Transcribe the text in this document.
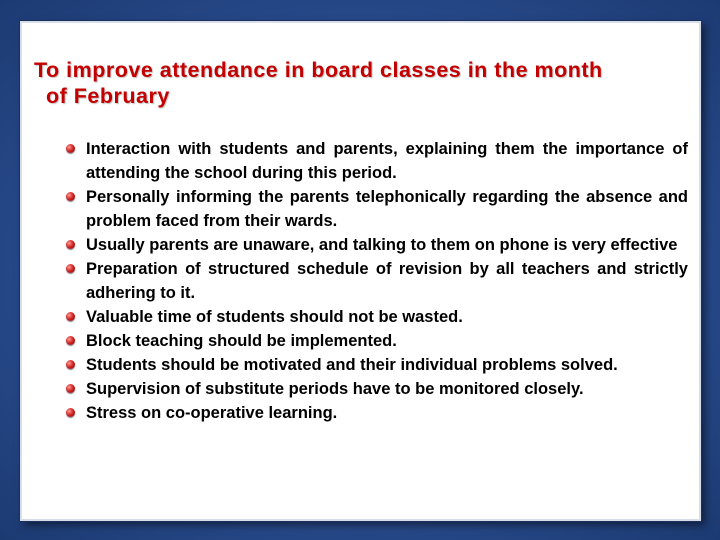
To improve attendance in board classes in the month
of February
Interaction with students and parents, explaining them the importance of attending the school during this period.
Personally informing the parents telephonically regarding the absence and problem faced from their wards.
Usually parents are unaware, and talking to them on phone is very effective
Preparation of structured schedule of revision by all teachers and strictly adhering to it.
Valuable time of students should not be wasted.
Block teaching should be implemented.
Students should be motivated and their individual problems solved.
Supervision of substitute periods have to be monitored closely.
Stress on co-operative learning.
